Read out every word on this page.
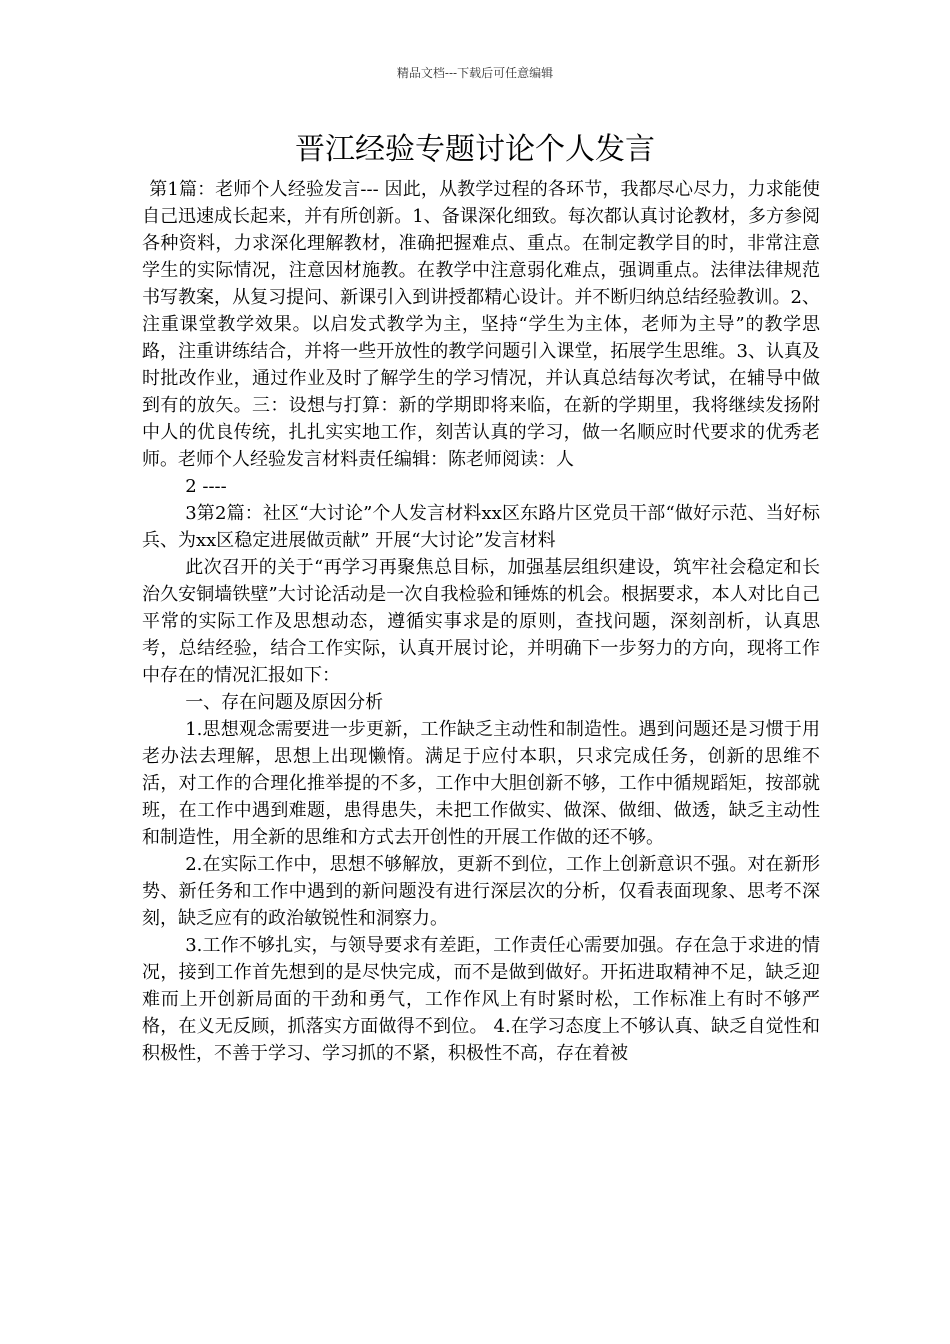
精品文档---下载后可任意编辑
晋江经验专题讨论个人发言

第1篇：老师个人经验发言--- 因此，从教学过程的各环节，我都尽心尽力，力求能使自己迅速成长起来，并有所创新。1、备课深化细致。每次都认真讨论教材，多方参阅各种资料，力求深化理解教材，准确把握难点、重点。在制定教学目的时，非常注意学生的实际情况，注意因材施教。在教学中注意弱化难点，强调重点。法律法律规范书写教案，从复习提问、新课引入到讲授都精心设计。并不断归纳总结经验教训。2、注重课堂教学效果。以启发式教学为主，坚持“学生为主体，老师为主导”的教学思路，注重讲练结合，并将一些开放性的教学问题引入课堂，拓展学生思维。3、认真及时批改作业，通过作业及时了解学生的学习情况，并认真总结每次考试，在辅导中做到有的放矢。三：设想与打算：新的学期即将来临，在新的学期里，我将继续发扬附中人的优良传统，扎扎实实地工作，刻苦认真的学习，做一名顺应时代要求的优秀老师。老师个人经验发言材料责任编辑：陈老师阅读：人

2 ----

3第2篇：社区“大讨论”个人发言材料xx区东路片区党员干部“做好示范、当好标兵、为xx区稳定进展做贡献” 开展“大讨论”发言材料

此次召开的关于“再学习再聚焦总目标，加强基层组织建设，筑牢社会稳定和长治久安铜墙铁壁”大讨论活动是一次自我检验和锤炼的机会。根据要求，本人对比自己平常的实际工作及思想动态，遵循实事求是的原则，查找问题，深刻剖析，认真思考，总结经验，结合工作实际，认真开展讨论，并明确下一步努力的方向，现将工作中存在的情况汇报如下：

一、存在问题及原因分析

1.思想观念需要进一步更新，工作缺乏主动性和制造性。遇到问题还是习惯于用老办法去理解，思想上出现懒惰。满足于应付本职，只求完成任务，创新的思维不活，对工作的合理化推举提的不多，工作中大胆创新不够，工作中循规蹈矩，按部就班，在工作中遇到难题，患得患失，未把工作做实、做深、做细、做透，缺乏主动性和制造性，用全新的思维和方式去开创性的开展工作做的还不够。

2.在实际工作中，思想不够解放，更新不到位，工作上创新意识不强。对在新形势、新任务和工作中遇到的新问题没有进行深层次的分析，仅看表面现象、思考不深刻，缺乏应有的政治敏锐性和洞察力。

3.工作不够扎实，与领导要求有差距，工作责任心需要加强。存在急于求进的情况，接到工作首先想到的是尽快完成，而不是做到做好。开拓进取精神不足，缺乏迎难而上开创新局面的干劲和勇气，工作作风上有时紧时松，工作标准上有时不够严格，在义无反顾，抓落实方面做得不到位。 4.在学习态度上不够认真、缺乏自觉性和积极性，不善于学习、学习抓的不紧，积极性不高，存在着被
